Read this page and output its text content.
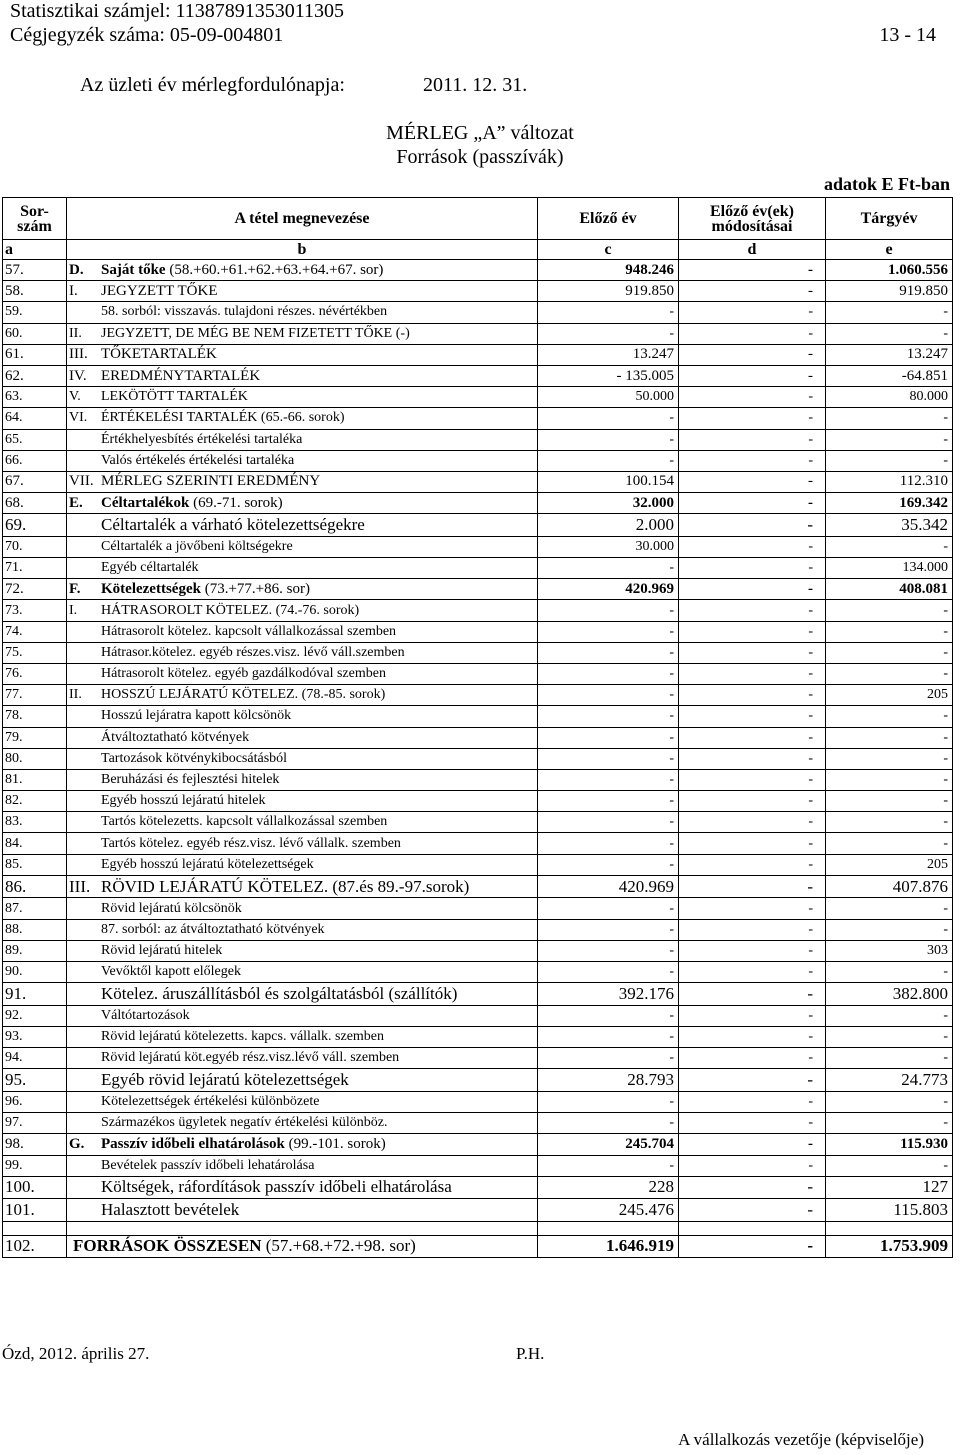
Statisztikai számjel: 11387891353011305
Cégjegyzék száma: 05-09-004801	13 - 14
Az üzleti év mérlegfordulónapja:	2011. 12. 31.
MÉRLEG „A” változat
Források (passzívák)
adatok E Ft-ban
Sor-
szám	A tétel megnevezése	Előző év	Előző év(ek)
módosításai	Tárgyév
a	b	c	d	e
57.	D. Saját tőke (58.+60.+61.+62.+63.+64.+67. sor)	948.246	-	1.060.556
58.	I. JEGYZETT TŐKE	919.850	-	919.850
59.	58. sorból: visszavás. tulajdoni részes. névértékben	-	-	-
60.	II. JEGYZETT, DE MÉG BE NEM FIZETETT TŐKE (-)	-	-	-
61.	III. TŐKETARTALÉK	13.247	-	13.247
62.	IV. EREDMÉNYTARTALÉK	- 135.005	-	-64.851
63.	V. LEKÖTÖTT TARTALÉK	50.000	-	80.000
64.	VI. ÉRTÉKELÉSI TARTALÉK (65.-66. sorok)	-	-	-
65.	Értékhelyesbítés értékelési tartaléka	-	-	-
66.	Valós értékelés értékelési tartaléka	-	-	-
67.	VII. MÉRLEG SZERINTI EREDMÉNY	100.154	-	112.310
68.	E. Céltartalékok (69.-71. sorok)	32.000	-	169.342
69.	Céltartalék a várható kötelezettségekre	2.000	-	35.342
70.	Céltartalék a jövőbeni költségekre	30.000	-	-
71.	Egyéb céltartalék	-	-	134.000
72.	F. Kötelezettségek (73.+77.+86. sor)	420.969	-	408.081
73.	I. HÁTRASOROLT KÖTELEZ. (74.-76. sorok)	-	-	-
74.	Hátrasorolt kötelez. kapcsolt vállalkozással szemben	-	-	-
75.	Hátrasor.kötelez. egyéb részes.visz. lévő váll.szemben	-	-	-
76.	Hátrasorolt kötelez. egyéb gazdálkodóval szemben	-	-	-
77.	II. HOSSZÚ LEJÁRATÚ KÖTELEZ. (78.-85. sorok)	-	-	205
78.	Hosszú lejáratra kapott kölcsönök	-	-	-
79.	Átváltoztatható kötvények	-	-	-
80.	Tartozások kötvénykibocsátásból	-	-	-
81.	Beruházási és fejlesztési hitelek	-	-	-
82.	Egyéb hosszú lejáratú hitelek	-	-	-
83.	Tartós kötelezetts. kapcsolt vállalkozással szemben	-	-	-
84.	Tartós kötelez. egyéb rész.visz. lévő vállalk. szemben	-	-	-
85.	Egyéb hosszú lejáratú kötelezettségek	-	-	205
86.	III. RÖVID LEJÁRATÚ KÖTELEZ. (87.és 89.-97.sorok)	420.969	-	407.876
87.	Rövid lejáratú kölcsönök	-	-	-
88.	87. sorból: az átváltoztatható kötvények	-	-	-
89.	Rövid lejáratú hitelek	-	-	303
90.	Vevőktől kapott előlegek	-	-	-
91.	Kötelez. áruszállításból és szolgáltatásból (szállítók)	392.176	-	382.800
92.	Váltótartozások	-	-	-
93.	Rövid lejáratú kötelezetts. kapcs. vállalk. szemben	-	-	-
94.	Rövid lejáratú köt.egyéb rész.visz.lévő váll. szemben	-	-	-
95.	Egyéb rövid lejáratú kötelezettségek	28.793	-	24.773
96.	Kötelezettségek értékelési különbözete	-	-	-
97.	Származékos ügyletek negatív értékelési különböz.	-	-	-
98.	G. Passzív időbeli elhatárolások (99.-101. sorok)	245.704	-	115.930
99.	Bevételek passzív időbeli lehatárolása	-	-	-
100.	Költségek, ráfordítások passzív időbeli elhatárolása	228	-	127
101.	Halasztott bevételek	245.476	-	115.803

102.	FORRÁSOK ÖSSZESEN (57.+68.+72.+98. sor)	1.646.919	-	1.753.909
Ózd, 2012. április 27.	P.H.
A vállalkozás vezetője (képviselője)
